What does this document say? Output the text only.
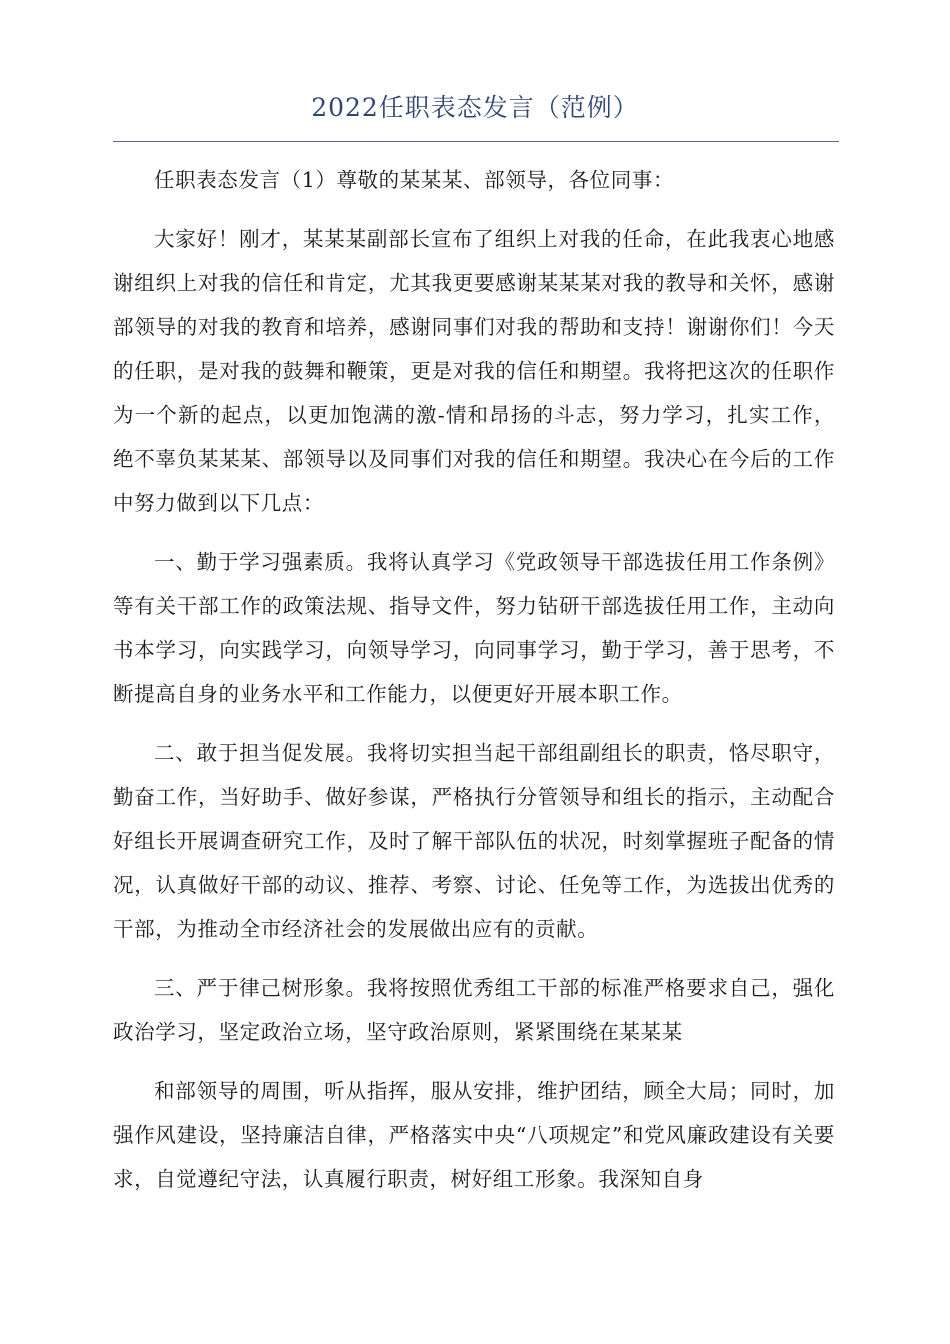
2022任职表态发言（范例）

任职表态发言（1）尊敬的某某某、部领导，各位同事：

大家好！刚才，某某某副部长宣布了组织上对我的任命，在此我衷心地感谢组织上对我的信任和肯定，尤其我更要感谢某某某对我的教导和关怀，感谢部领导的对我的教育和培养，感谢同事们对我的帮助和支持！谢谢你们！今天的任职，是对我的鼓舞和鞭策，更是对我的信任和期望。我将把这次的任职作为一个新的起点，以更加饱满的激-情和昂扬的斗志，努力学习，扎实工作，绝不辜负某某某、部领导以及同事们对我的信任和期望。我决心在今后的工作中努力做到以下几点：

一、勤于学习强素质。我将认真学习《党政领导干部选拔任用工作条例》等有关干部工作的政策法规、指导文件，努力钻研干部选拔任用工作，主动向书本学习，向实践学习，向领导学习，向同事学习，勤于学习，善于思考，不断提高自身的业务水平和工作能力，以便更好开展本职工作。

二、敢于担当促发展。我将切实担当起干部组副组长的职责，恪尽职守，勤奋工作，当好助手、做好参谋，严格执行分管领导和组长的指示，主动配合好组长开展调查研究工作，及时了解干部队伍的状况，时刻掌握班子配备的情况，认真做好干部的动议、推荐、考察、讨论、任免等工作，为选拔出优秀的干部，为推动全市经济社会的发展做出应有的贡献。

三、严于律己树形象。我将按照优秀组工干部的标准严格要求自己，强化政治学习，坚定政治立场，坚守政治原则，紧紧围绕在某某某

和部领导的周围，听从指挥，服从安排，维护团结，顾全大局；同时，加强作风建设，坚持廉洁自律，严格落实中央“八项规定”和党风廉政建设有关要求，自觉遵纪守法，认真履行职责，树好组工形象。我深知自身
